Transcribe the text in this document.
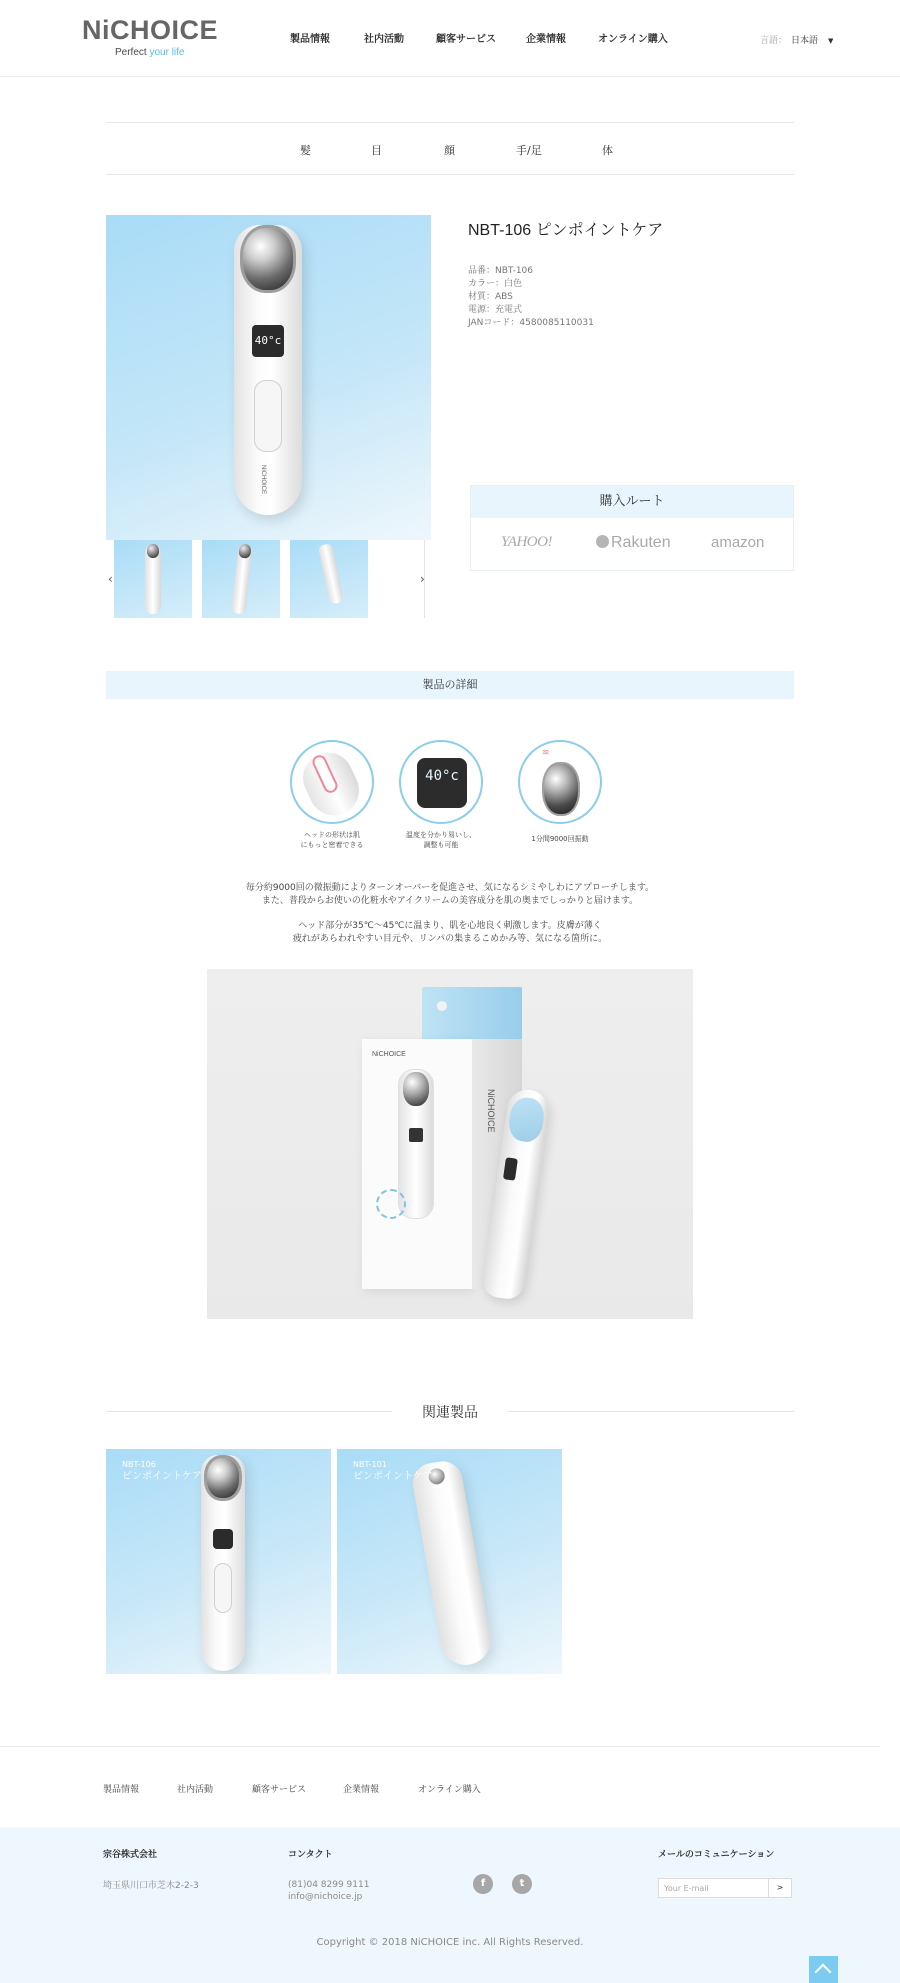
NiCHOICE
Perfect your life
製品情報	社内活動	顧客サービス	企業情報	オンライン購入	言語： 日本語 ▼
髪	目	顔	手/足	体
40°c
NiCHOICE
‹	›
NBT-106 ピンポイントケア
品番：NBT-106
カラー：白色
材質：ABS
電源：充電式
JANコード：4580085110031
購入ルート
YAHOO!	Rakuten	amazon
製品の詳細
ヘッドの形状は肌
にもっと密着できる
40°c
温度を分かり易いし、
調整も可能
≋
1分間9000回振動
毎分約9000回の微振動によりターンオーバーを促進させ、気になるシミやしわにアプローチします。
また、普段からお使いの化粧水やアイクリームの美容成分を肌の奥までしっかりと届けます。
ヘッド部分が35℃～45℃に温まり、肌を心地良く刺激します。皮膚が薄く
疲れがあらわれやすい目元や、リンパの集まるこめかみ等、気になる箇所に。
NiCHOICE
NiCHOICE
関連製品
NBT-106
ピンポイントケア
NBT-101
ピンポイントケア
製品情報	社内活動	顧客サービス	企業情報	オンライン購入
宗谷株式会社
埼玉県川口市芝木2-2-3
コンタクト
(81)04 8299 9111
info@nichoice.jp
f	t
メールのコミュニケーション
Your E-mail
>
Copyright © 2018 NiCHOICE inc. All Rights Reserved.
